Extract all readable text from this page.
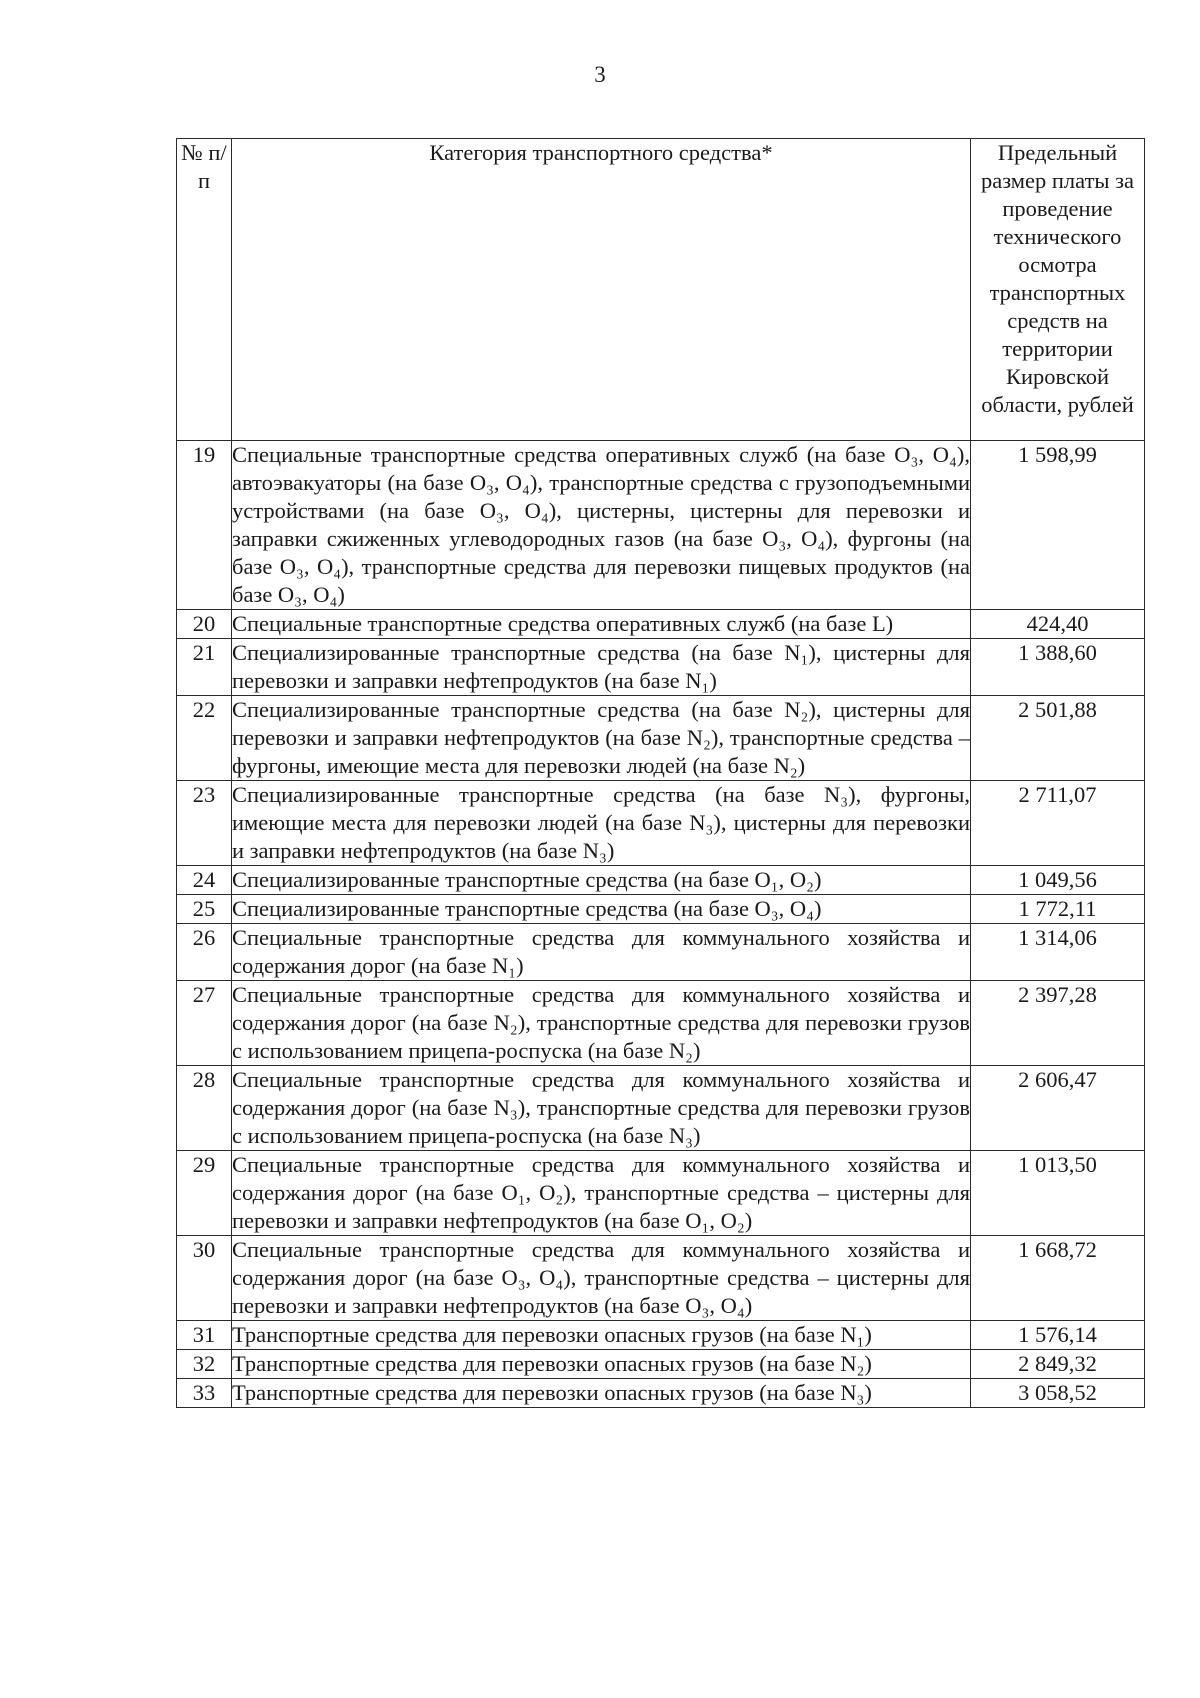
3
№ п/п	Категория транспортного средства*	Предельный размер платы за проведение технического осмотра транспортных средств на территории Кировской области, рублей
19	Специальные транспортные средства оперативных служб (на базе O₃, O₄), автоэвакуаторы (на базе O₃, O₄), транспортные средства с грузоподъемными устройствами (на базе O₃, O₄), цистерны, цистерны для перевозки и заправки сжиженных углеводородных газов (на базе O₃, O₄), фургоны (на базе O₃, O₄), транспортные средства для перевозки пищевых продуктов (на базе O₃, O₄)	1 598,99
20	Специальные транспортные средства оперативных служб (на базе L)	424,40
21	Специализированные транспортные средства (на базе N₁), цистерны для перевозки и заправки нефтепродуктов (на базе N₁)	1 388,60
22	Специализированные транспортные средства (на базе N₂), цистерны для перевозки и заправки нефтепродуктов (на базе N₂), транспортные средства – фургоны, имеющие места для перевозки людей (на базе N₂)	2 501,88
23	Специализированные транспортные средства (на базе N₃), фургоны, имеющие места для перевозки людей (на базе N₃), цистерны для перевозки и заправки нефтепродуктов (на базе N₃)	2 711,07
24	Специализированные транспортные средства (на базе O₁, O₂)	1 049,56
25	Специализированные транспортные средства (на базе O₃, O₄)	1 772,11
26	Специальные транспортные средства для коммунального хозяйства и содержания дорог (на базе N₁)	1 314,06
27	Специальные транспортные средства для коммунального хозяйства и содержания дорог (на базе N₂), транспортные средства для перевозки грузов с использованием прицепа-роспуска (на базе N₂)	2 397,28
28	Специальные транспортные средства для коммунального хозяйства и содержания дорог (на базе N₃), транспортные средства для перевозки грузов с использованием прицепа-роспуска (на базе N₃)	2 606,47
29	Специальные транспортные средства для коммунального хозяйства и содержания дорог (на базе O₁, O₂), транспортные средства – цистерны для перевозки и заправки нефтепродуктов (на базе O₁, O₂)	1 013,50
30	Специальные транспортные средства для коммунального хозяйства и содержания дорог (на базе O₃, O₄), транспортные средства – цистерны для перевозки и заправки нефтепродуктов (на базе O₃, O₄)	1 668,72
31	Транспортные средства для перевозки опасных грузов (на базе N₁)	1 576,14
32	Транспортные средства для перевозки опасных грузов (на базе N₂)	2 849,32
33	Транспортные средства для перевозки опасных грузов (на базе N₃)	3 058,52
